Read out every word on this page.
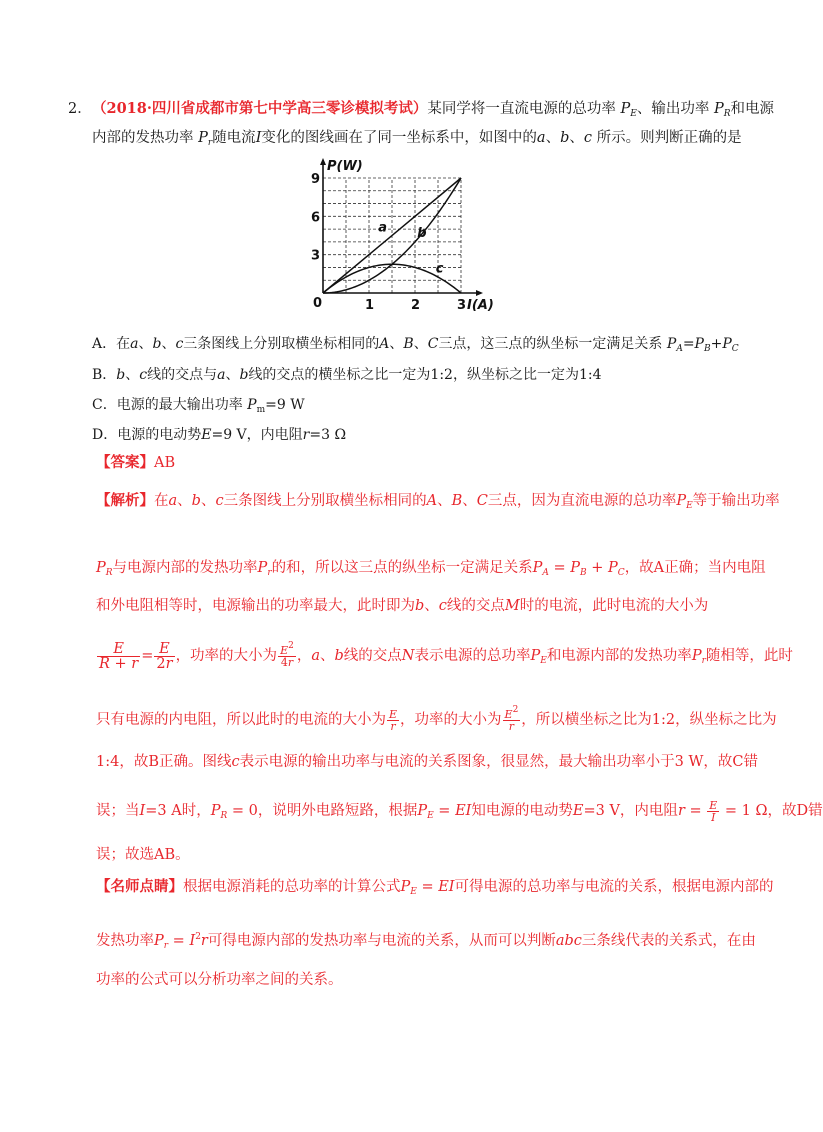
2． （2018·四川省成都市第七中学高三零诊模拟考试）某同学将一直流电源的总功率 $P_E$、输出功率 $P_R$和电源
内部的发热功率 $P_r$随电流I变化的图线画在了同一坐标系中，如图中的a、b、c 所示。则判断正确的是
P(W)
I(A)
0	1	2	3
3
6
9
a b
c
A．在a、b、c三条图线上分别取横坐标相同的A、B、C三点，这三点的纵坐标一定满足关系 $P_A=P_B+P_C$
B．b、c线的交点与a、b线的交点的横坐标之比一定为1:2，纵坐标之比一定为1:4
C．电源的最大输出功率 $P_m=9$ W
D．电源的电动势E=9 V，内电阻r=3 Ω
【答案】AB
【解析】在a、b、c三条图线上分别取横坐标相同的A、B、C三点，因为直流电源的总功率$P_E$等于输出功率
$P_R$与电源内部的发热功率$P_r$的和，所以这三点的纵坐标一定满足关系$P_A = P_B + P_C$，故A正确；当内电阻
和外电阻相等时，电源输出的功率最大，此时即为b、c线的交点M时的电流，此时电流的大小为
$\frac{E}{R + r} = \frac{E}{2r}$ ，功率的大小为 $\frac{E^2}{4r}$ ，a、b线的交点N表示电源的总功率$P_E$和电源内部的发热功率$P_r$随相等，此时
只有电源的内电阻，所以此时的电流的大小为 $\frac{E}{r}$ ，功率的大小为 $\frac{E^2}{r}$ ，所以横坐标之比为1:2，纵坐标之比为
1:4，故B正确。图线c表示电源的输出功率与电流的关系图象，很显然，最大输出功率小于3 W，故C错
误；当I=3 A时，$P_R = 0$，说明外电路短路，根据$P_E$ = EI知电源的电动势E=3 V，内电阻$r = \frac{E}{I} = 1$ Ω，故D错
误；故选AB。
【名师点睛】根据电源消耗的总功率的计算公式$P_E$ = EI可得电源的总功率与电流的关系，根据电源内部的
发热功率$P_r = I^2r$可得电源内部的发热功率与电流的关系，从而可以判断abc三条线代表的关系式，在由
功率的公式可以分析功率之间的关系。
